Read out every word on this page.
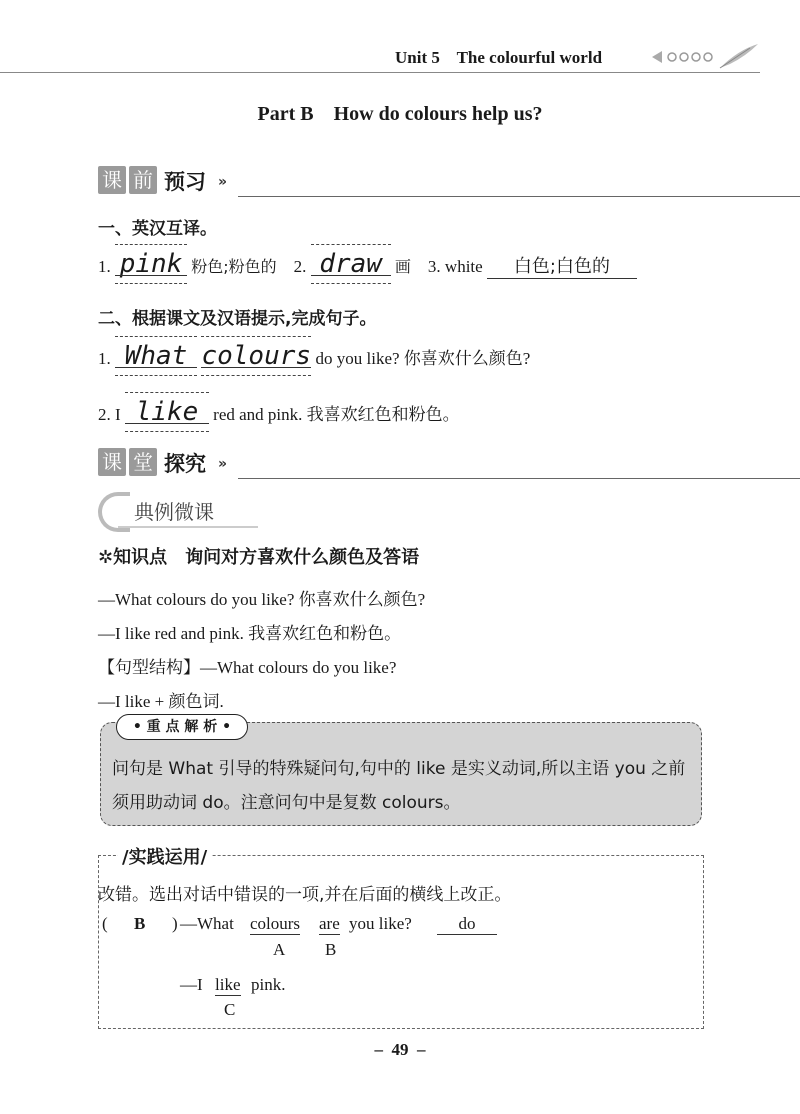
Unit 5 The colourful world
Part B    How do colours help us?
课 前 预习 »
一、英汉互译。
1. pink 粉色;粉色的 2. draw 画 3. white 白色;白色的
二、根据课文及汉语提示,完成句子。
1. What colours do you like? 你喜欢什么颜色?
2. I like red and pink. 我喜欢红色和粉色。
课 堂 探究 »
典例微课
✲知识点　询问对方喜欢什么颜色及答语
—What colours do you like? 你喜欢什么颜色?
—I like red and pink. 我喜欢红色和粉色。
【句型结构】—What colours do you like?
—I like + 颜色词.
• 重 点 解 析 •
问句是 What 引导的特殊疑问句,句中的 like 是实义动词,所以主语 you 之前须用助动词 do。注意问句中是复数 colours。
/实践运用/
改错。选出对话中错误的一项,并在后面的横线上改正。
( B ) —What colours are you like?	do
A B
—I like pink.
C
–  49  –
